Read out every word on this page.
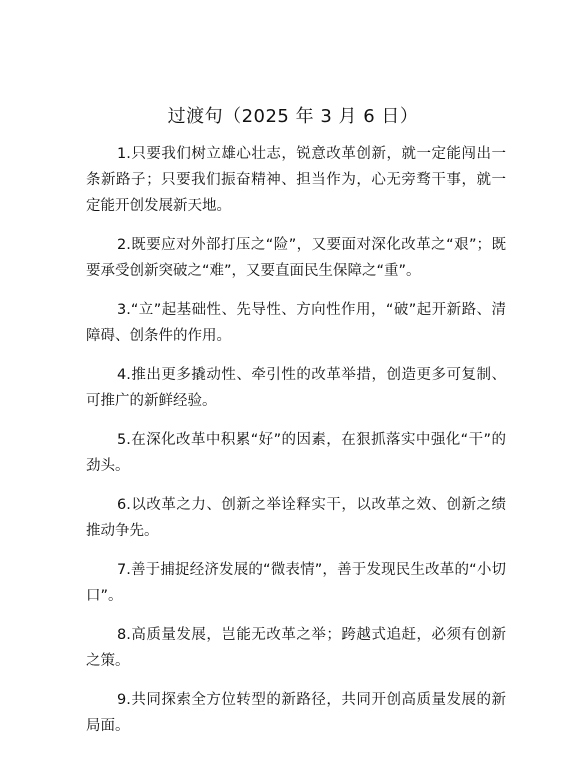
过渡句（2025 年 3 月 6 日）

1.只要我们树立雄心壮志，锐意改革创新，就一定能闯出一条新路子；只要我们振奋精神、担当作为，心无旁骛干事，就一定能开创发展新天地。

2.既要应对外部打压之“险”，又要面对深化改革之“艰”；既要承受创新突破之“难”，又要直面民生保障之“重”。

3.“立”起基础性、先导性、方向性作用，“破”起开新路、清障碍、创条件的作用。

4.推出更多撬动性、牵引性的改革举措，创造更多可复制、可推广的新鲜经验。

5.在深化改革中积累“好”的因素，在狠抓落实中强化“干”的劲头。

6.以改革之力、创新之举诠释实干，以改革之效、创新之绩推动争先。

7.善于捕捉经济发展的“微表情”，善于发现民生改革的“小切口”。

8.高质量发展，岂能无改革之举；跨越式追赶，必须有创新之策。

9.共同探索全方位转型的新路径，共同开创高质量发展的新局面。
